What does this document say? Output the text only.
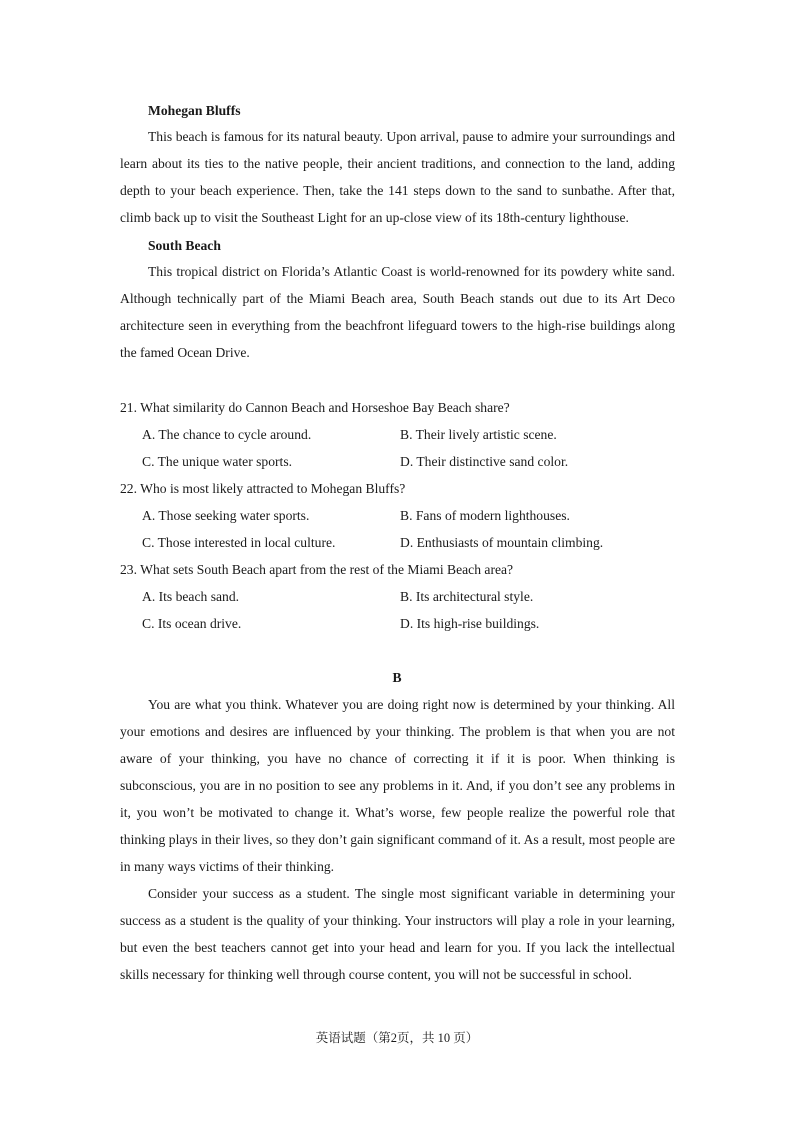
Mohegan Bluffs

This beach is famous for its natural beauty. Upon arrival, pause to admire your surroundings and learn about its ties to the native people, their ancient traditions, and connection to the land, adding depth to your beach experience. Then, take the 141 steps down to the sand to sunbathe. After that, climb back up to visit the Southeast Light for an up-close view of its 18th-century lighthouse.

South Beach

This tropical district on Florida’s Atlantic Coast is world-renowned for its powdery white sand. Although technically part of the Miami Beach area, South Beach stands out due to its Art Deco architecture seen in everything from the beachfront lifeguard towers to the high-rise buildings along the famed Ocean Drive.

21. What similarity do Cannon Beach and Horseshoe Bay Beach share?
A. The chance to cycle around.	B. Their lively artistic scene.
C. The unique water sports.	D. Their distinctive sand color.
22. Who is most likely attracted to Mohegan Bluffs?
A. Those seeking water sports.	B. Fans of modern lighthouses.
C. Those interested in local culture.	D. Enthusiasts of mountain climbing.
23. What sets South Beach apart from the rest of the Miami Beach area?
A. Its beach sand.	B. Its architectural style.
C. Its ocean drive.	D. Its high-rise buildings.
B

You are what you think. Whatever you are doing right now is determined by your thinking. All your emotions and desires are influenced by your thinking. The problem is that when you are not aware of your thinking, you have no chance of correcting it if it is poor. When thinking is subconscious, you are in no position to see any problems in it. And, if you don’t see any problems in it, you won’t be motivated to change it. What’s worse, few people realize the powerful role that thinking plays in their lives, so they don’t gain significant command of it. As a result, most people are in many ways victims of their thinking.

Consider your success as a student. The single most significant variable in determining your success as a student is the quality of your thinking. Your instructors will play a role in your learning, but even the best teachers cannot get into your head and learn for you. If you lack the intellectual skills necessary for thinking well through course content, you will not be successful in school.

英语试题（第2页，共 10 页）
